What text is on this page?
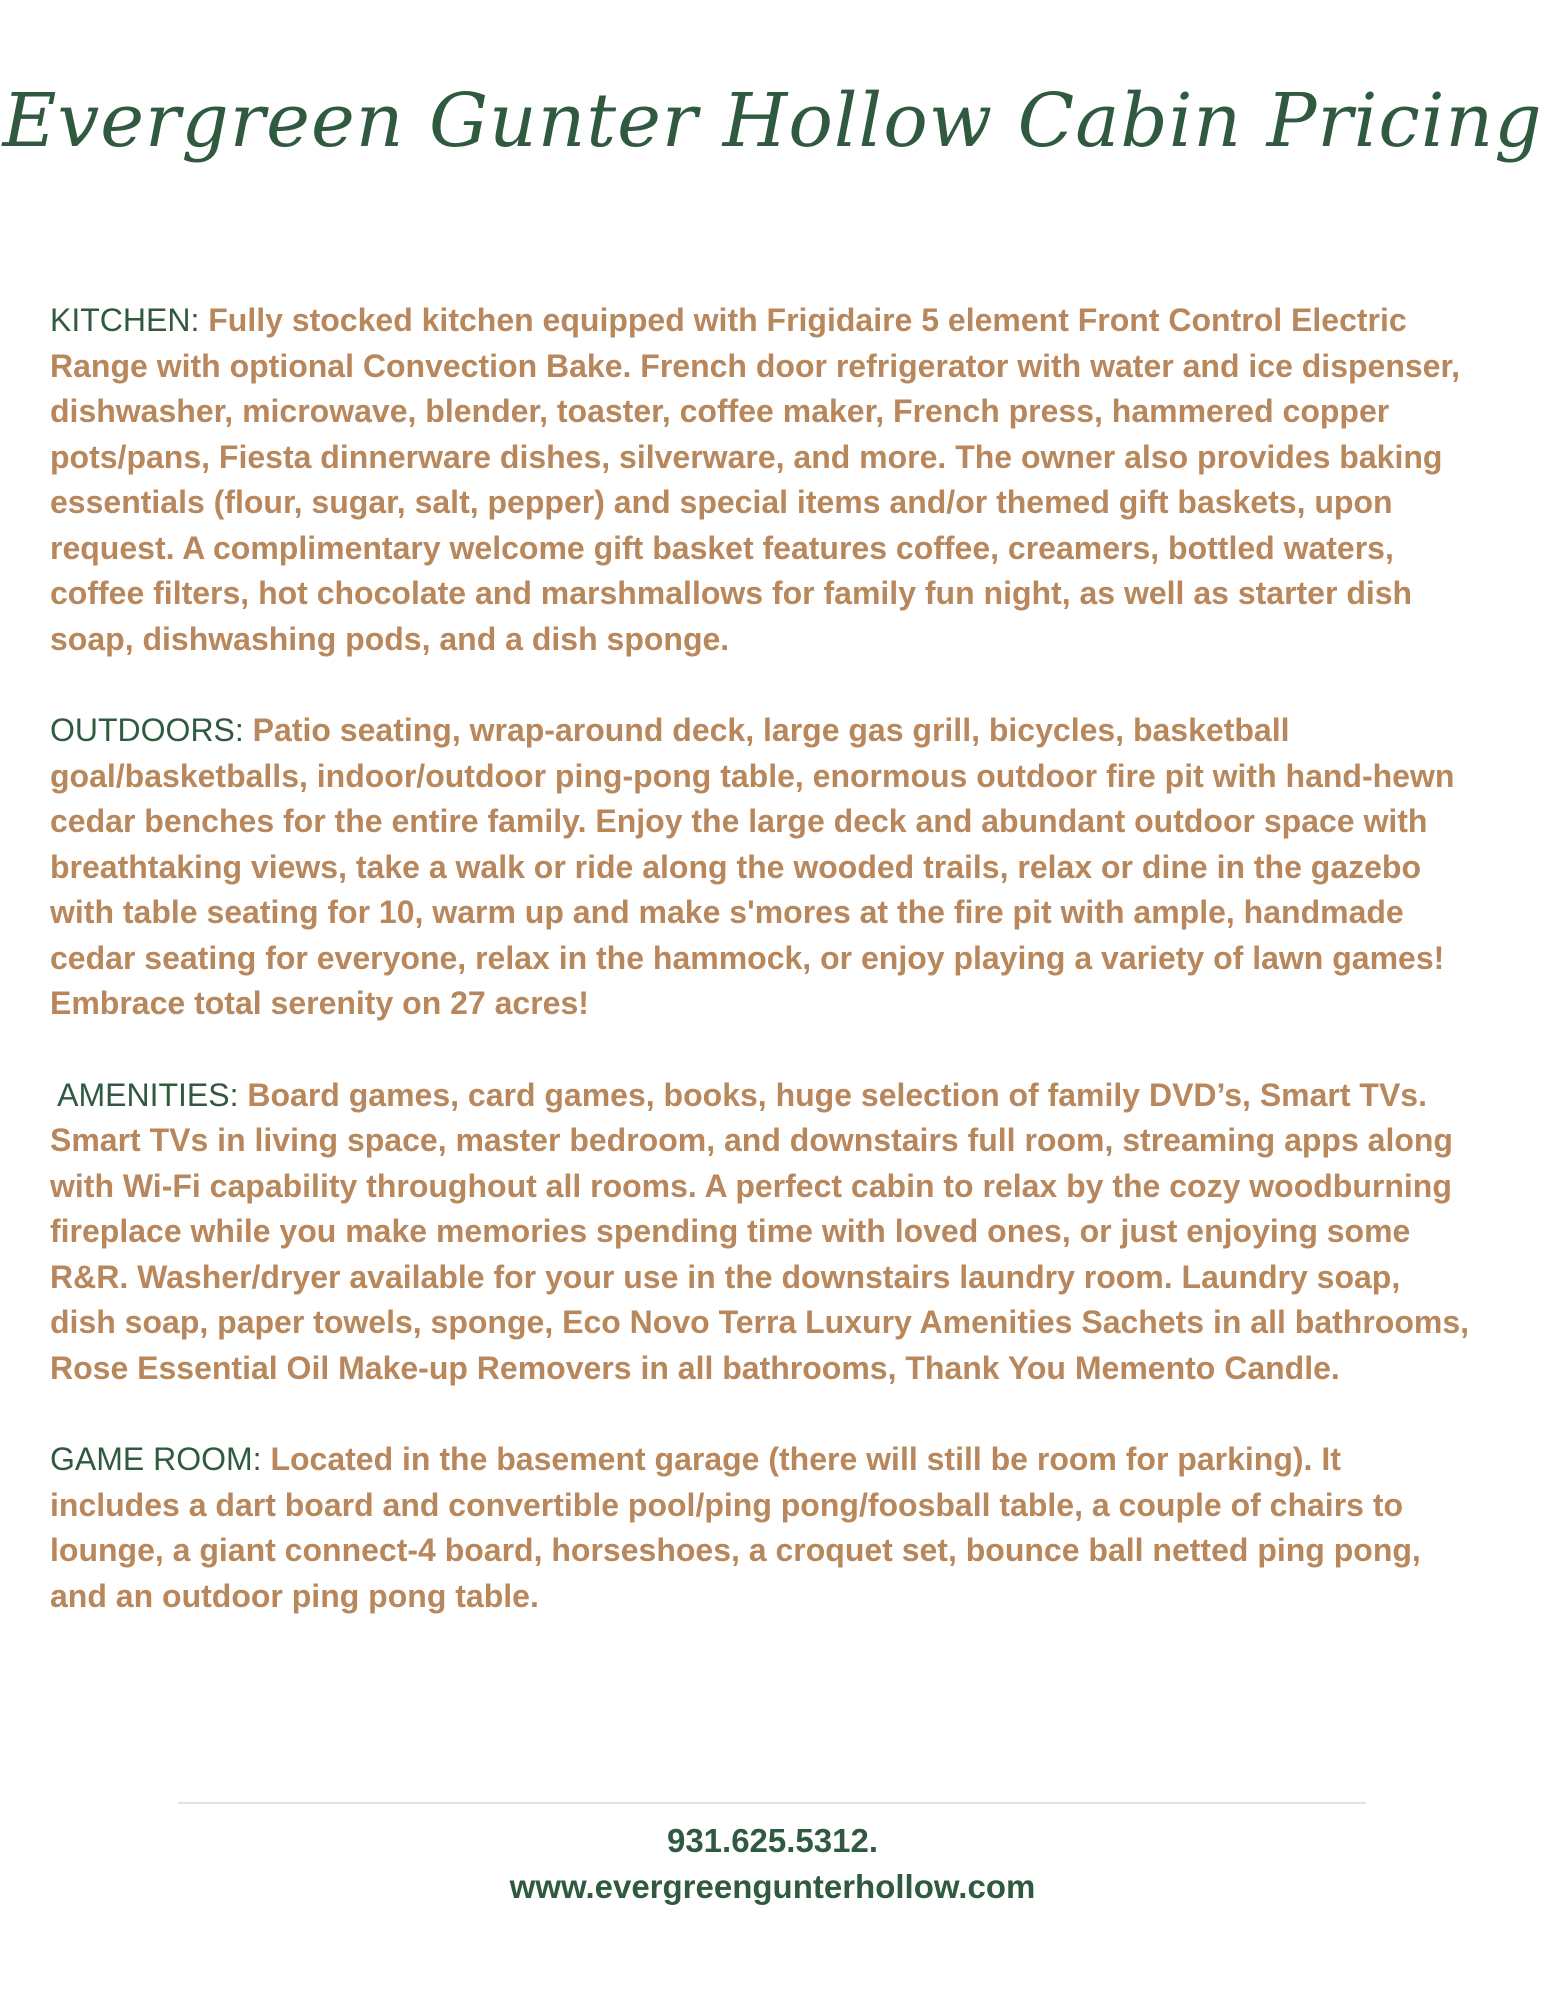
Evergreen Gunter Hollow Cabin Pricing

KITCHEN: Fully stocked kitchen equipped with Frigidaire 5 element Front Control Electric Range with optional Convection Bake. French door refrigerator with water and ice dispenser, dishwasher, microwave, blender, toaster, coffee maker, French press, hammered copper pots/pans, Fiesta dinnerware dishes, silverware, and more. The owner also provides baking essentials (flour, sugar, salt, pepper) and special items and/or themed gift baskets, upon request. A complimentary welcome gift basket features coffee, creamers, bottled waters, coffee filters, hot chocolate and marshmallows for family fun night, as well as starter dish soap, dishwashing pods, and a dish sponge.

OUTDOORS: Patio seating, wrap-around deck, large gas grill, bicycles, basketball goal/basketballs, indoor/outdoor ping-pong table, enormous outdoor fire pit with hand-hewn cedar benches for the entire family. Enjoy the large deck and abundant outdoor space with breathtaking views, take a walk or ride along the wooded trails, relax or dine in the gazebo with table seating for 10, warm up and make s'mores at the fire pit with ample, handmade cedar seating for everyone, relax in the hammock, or enjoy playing a variety of lawn games! Embrace total serenity on 27 acres!

AMENITIES: Board games, card games, books, huge selection of family DVD’s, Smart TVs. Smart TVs in living space, master bedroom, and downstairs full room, streaming apps along with Wi-Fi capability throughout all rooms. A perfect cabin to relax by the cozy woodburning fireplace while you make memories spending time with loved ones, or just enjoying some R&R. Washer/dryer available for your use in the downstairs laundry room. Laundry soap, dish soap, paper towels, sponge, Eco Novo Terra Luxury Amenities Sachets in all bathrooms, Rose Essential Oil Make-up Removers in all bathrooms, Thank You Memento Candle.

GAME ROOM: Located in the basement garage (there will still be room for parking). It includes a dart board and convertible pool/ping pong/foosball table, a couple of chairs to lounge, a giant connect-4 board, horseshoes, a croquet set, bounce ball netted ping pong, and an outdoor ping pong table.

931.625.5312.
www.evergreengunterhollow.com
